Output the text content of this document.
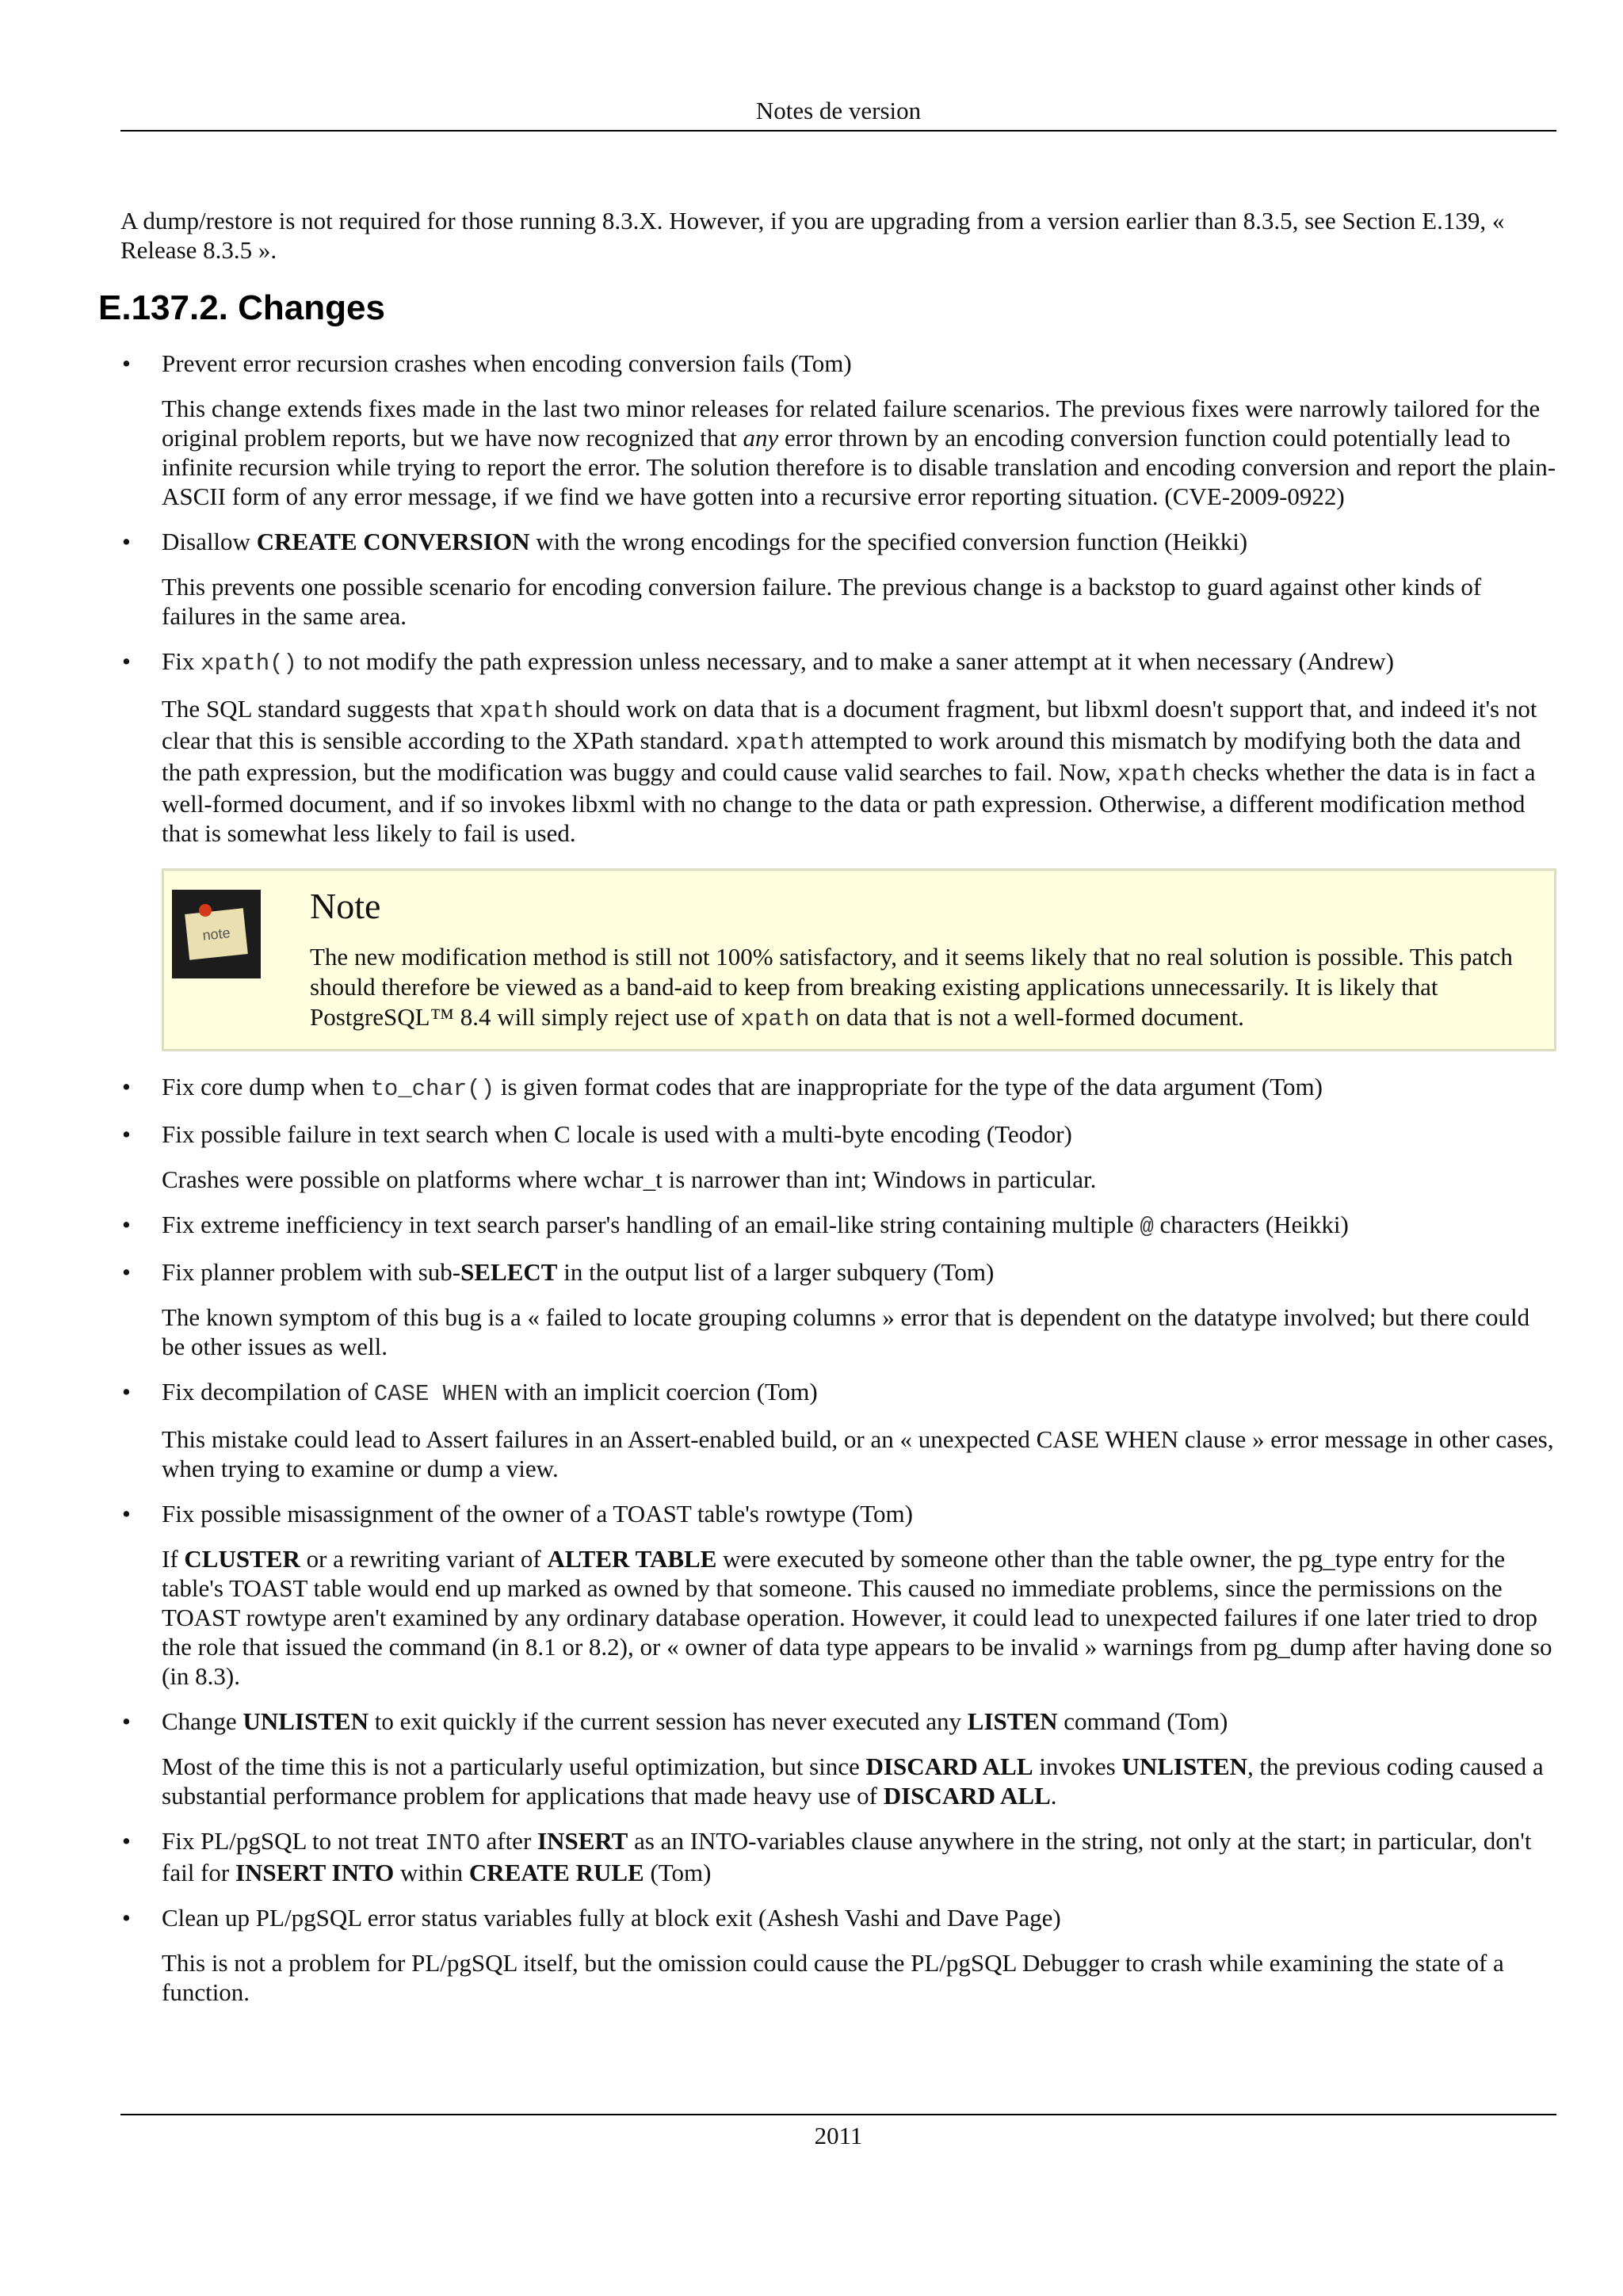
Notes de version

A dump/restore is not required for those running 8.3.X. However, if you are upgrading from a version earlier than 8.3.5, see Section E.139, « Release 8.3.5 ».

E.137.2. Changes

• Prevent error recursion crashes when encoding conversion fails (Tom)

This change extends fixes made in the last two minor releases for related failure scenarios. The previous fixes were narrowly tailored for the original problem reports, but we have now recognized that any error thrown by an encoding conversion function could potentially lead to infinite recursion while trying to report the error. The solution therefore is to disable translation and encoding conversion and report the plain-ASCII form of any error message, if we find we have gotten into a recursive error reporting situation. (CVE-2009-0922)

• Disallow CREATE CONVERSION with the wrong encodings for the specified conversion function (Heikki)

This prevents one possible scenario for encoding conversion failure. The previous change is a backstop to guard against other kinds of failures in the same area.

• Fix xpath() to not modify the path expression unless necessary, and to make a saner attempt at it when necessary (Andrew)

The SQL standard suggests that xpath should work on data that is a document fragment, but libxml doesn't support that, and indeed it's not clear that this is sensible according to the XPath standard. xpath attempted to work around this mismatch by modifying both the data and the path expression, but the modification was buggy and could cause valid searches to fail. Now, xpath checks whether the data is in fact a well-formed document, and if so invokes libxml with no change to the data or path expression. Otherwise, a different modification method that is somewhat less likely to fail is used.

note

Note

The new modification method is still not 100% satisfactory, and it seems likely that no real solution is possible. This patch should therefore be viewed as a band-aid to keep from breaking existing applications unnecessarily. It is likely that PostgreSQL™ 8.4 will simply reject use of xpath on data that is not a well-formed document.

• Fix core dump when to_char() is given format codes that are inappropriate for the type of the data argument (Tom)

• Fix possible failure in text search when C locale is used with a multi-byte encoding (Teodor)

Crashes were possible on platforms where wchar_t is narrower than int; Windows in particular.

• Fix extreme inefficiency in text search parser's handling of an email-like string containing multiple @ characters (Heikki)

• Fix planner problem with sub-SELECT in the output list of a larger subquery (Tom)

The known symptom of this bug is a « failed to locate grouping columns » error that is dependent on the datatype involved; but there could be other issues as well.

• Fix decompilation of CASE WHEN with an implicit coercion (Tom)

This mistake could lead to Assert failures in an Assert-enabled build, or an « unexpected CASE WHEN clause » error message in other cases, when trying to examine or dump a view.

• Fix possible misassignment of the owner of a TOAST table's rowtype (Tom)

If CLUSTER or a rewriting variant of ALTER TABLE were executed by someone other than the table owner, the pg_type entry for the table's TOAST table would end up marked as owned by that someone. This caused no immediate problems, since the permissions on the TOAST rowtype aren't examined by any ordinary database operation. However, it could lead to unexpected failures if one later tried to drop the role that issued the command (in 8.1 or 8.2), or « owner of data type appears to be invalid » warnings from pg_dump after having done so (in 8.3).

• Change UNLISTEN to exit quickly if the current session has never executed any LISTEN command (Tom)

Most of the time this is not a particularly useful optimization, but since DISCARD ALL invokes UNLISTEN, the previous coding caused a substantial performance problem for applications that made heavy use of DISCARD ALL.

• Fix PL/pgSQL to not treat INTO after INSERT as an INTO-variables clause anywhere in the string, not only at the start; in particular, don't fail for INSERT INTO within CREATE RULE (Tom)

• Clean up PL/pgSQL error status variables fully at block exit (Ashesh Vashi and Dave Page)

This is not a problem for PL/pgSQL itself, but the omission could cause the PL/pgSQL Debugger to crash while examining the state of a function.

2011
